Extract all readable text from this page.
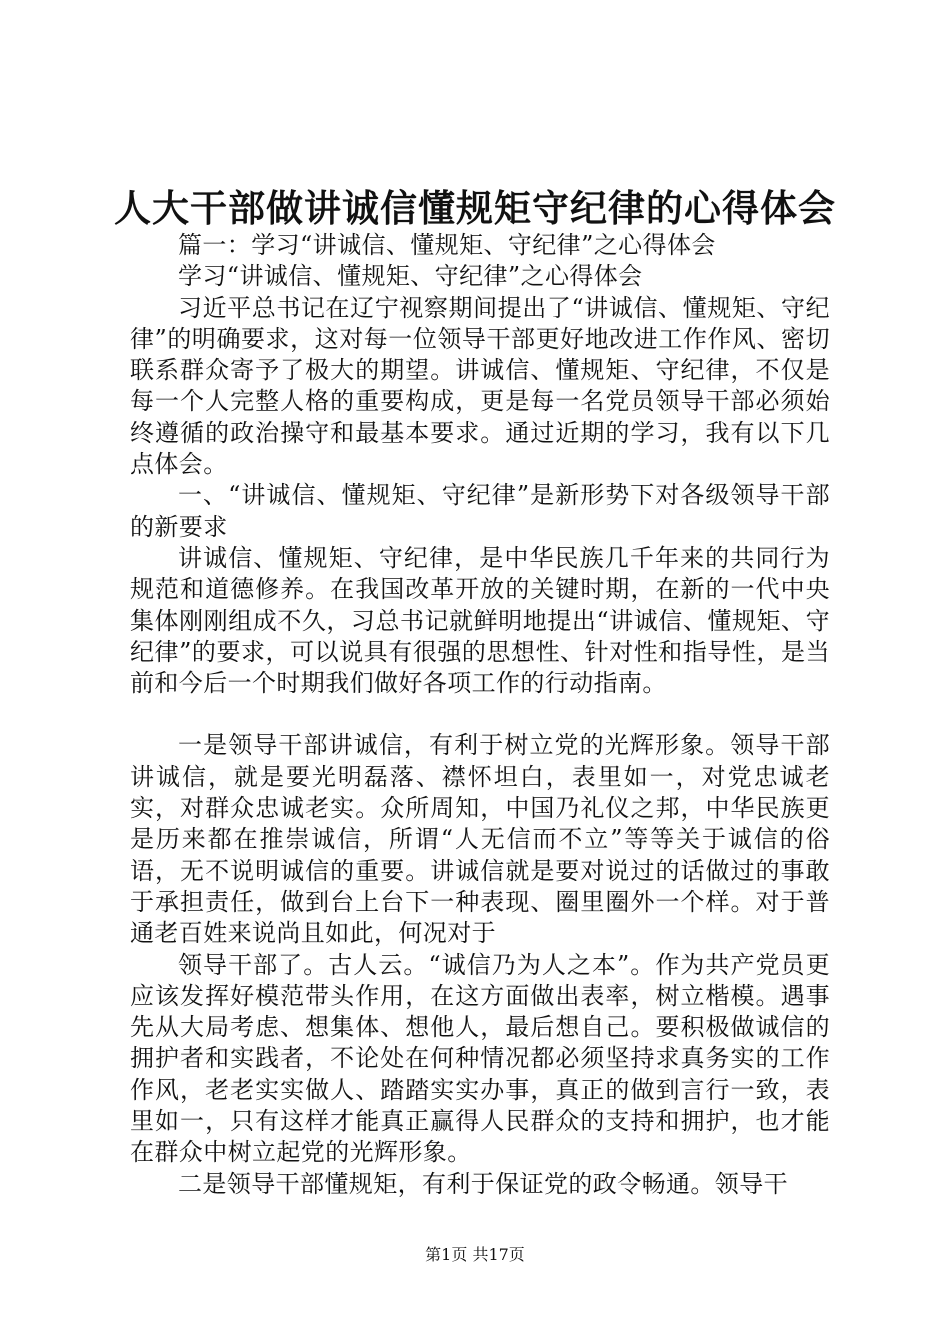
人大干部做讲诚信懂规矩守纪律的心得体会

篇一：学习“讲诚信、懂规矩、守纪律”之心得体会

学习“讲诚信、懂规矩、守纪律”之心得体会

习近平总书记在辽宁视察期间提出了“讲诚信、懂规矩、守纪律”的明确要求，这对每一位领导干部更好地改进工作作风、密切联系群众寄予了极大的期望。讲诚信、懂规矩、守纪律，不仅是每一个人完整人格的重要构成，更是每一名党员领导干部必须始终遵循的政治操守和最基本要求。通过近期的学习，我有以下几点体会。

一、“讲诚信、懂规矩、守纪律”是新形势下对各级领导干部的新要求

讲诚信、懂规矩、守纪律，是中华民族几千年来的共同行为规范和道德修养。在我国改革开放的关键时期，在新的一代中央集体刚刚组成不久，习总书记就鲜明地提出“讲诚信、懂规矩、守纪律”的要求，可以说具有很强的思想性、针对性和指导性，是当前和今后一个时期我们做好各项工作的行动指南。

一是领导干部讲诚信，有利于树立党的光辉形象。领导干部讲诚信，就是要光明磊落、襟怀坦白，表里如一，对党忠诚老实，对群众忠诚老实。众所周知，中国乃礼仪之邦，中华民族更是历来都在推崇诚信，所谓“人无信而不立”等等关于诚信的俗语，无不说明诚信的重要。讲诚信就是要对说过的话做过的事敢于承担责任，做到台上台下一种表现、圈里圈外一个样。对于普通老百姓来说尚且如此，何况对于

领导干部了。古人云。“诚信乃为人之本”。作为共产党员更应该发挥好模范带头作用，在这方面做出表率，树立楷模。遇事先从大局考虑、想集体、想他人，最后想自己。要积极做诚信的拥护者和实践者，不论处在何种情况都必须坚持求真务实的工作作风，老老实实做人、踏踏实实办事，真正的做到言行一致，表里如一，只有这样才能真正赢得人民群众的支持和拥护，也才能在群众中树立起党的光辉形象。

二是领导干部懂规矩，有利于保证党的政令畅通。领导干

第1页 共17页
